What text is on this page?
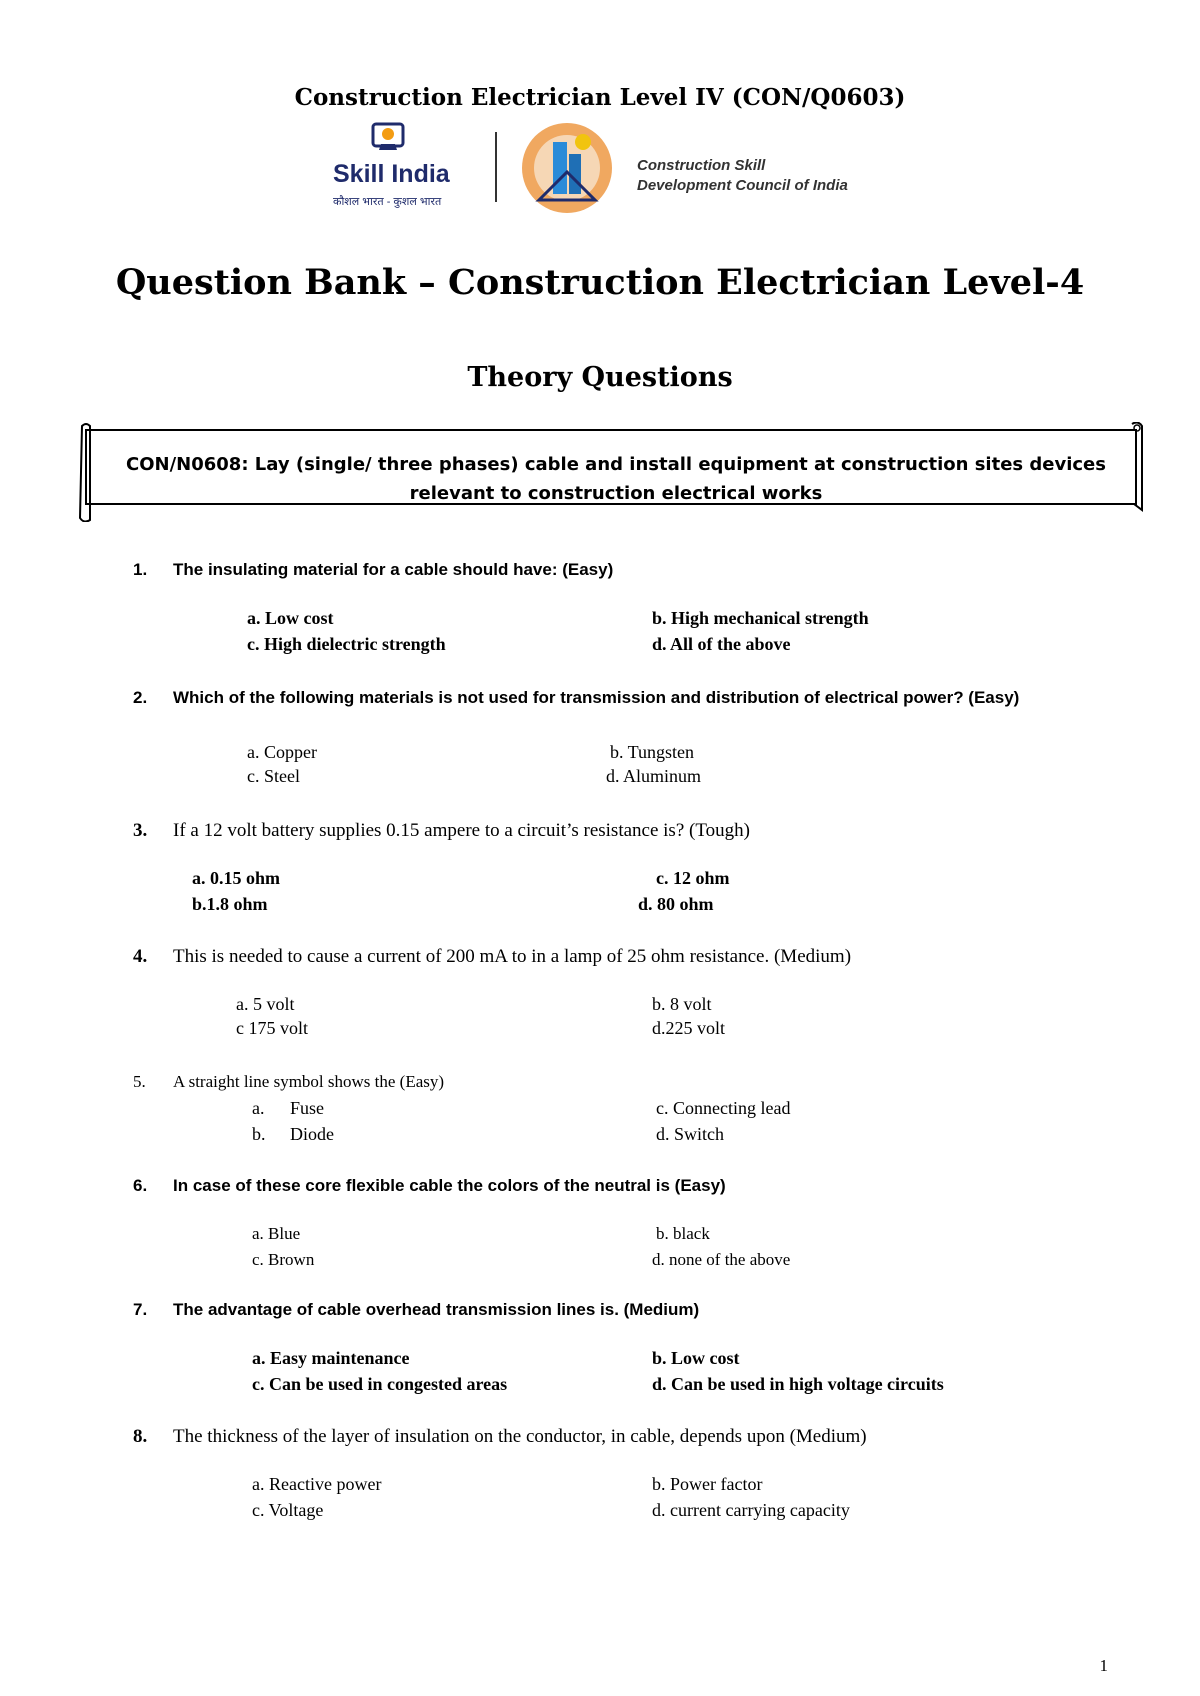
Construction Electrician Level IV (CON/Q0603)
Skill India
कौशल भारत - कुशल भारत
Construction Skill
Development Council of India
Question Bank – Construction Electrician Level-4
Theory Questions
CON/N0608: Lay (single/ three phases) cable and install equipment at construction sites devices
relevant to construction electrical works
1. The insulating material for a cable should have: (Easy)
a. Low cost	b. High mechanical strength
c. High dielectric strength	d. All of the above
2. Which of the following materials is not used for transmission and distribution of electrical power? (Easy)
a. Copper	b. Tungsten
c. Steel	d. Aluminum
3. If a 12 volt battery supplies 0.15 ampere to a circuit’s resistance is? (Tough)
a. 0.15 ohm	c. 12 ohm
b.1.8 ohm	d. 80 ohm
4. This is needed to cause a current of 200 mA to in a lamp of 25 ohm resistance. (Medium)
a. 5 volt	b. 8 volt
c 175 volt	d.225 volt
5. A straight line symbol shows the (Easy)
a. Fuse	c. Connecting lead
b. Diode	d. Switch
6. In case of these core flexible cable the colors of the neutral is (Easy)
a. Blue	b. black
c. Brown	d. none of the above
7. The advantage of cable overhead transmission lines is. (Medium)
a. Easy maintenance	b. Low cost
c. Can be used in congested areas	d. Can be used in high voltage circuits
8. The thickness of the layer of insulation on the conductor, in cable, depends upon (Medium)
a. Reactive power	b. Power factor
c. Voltage	d. current carrying capacity
1
